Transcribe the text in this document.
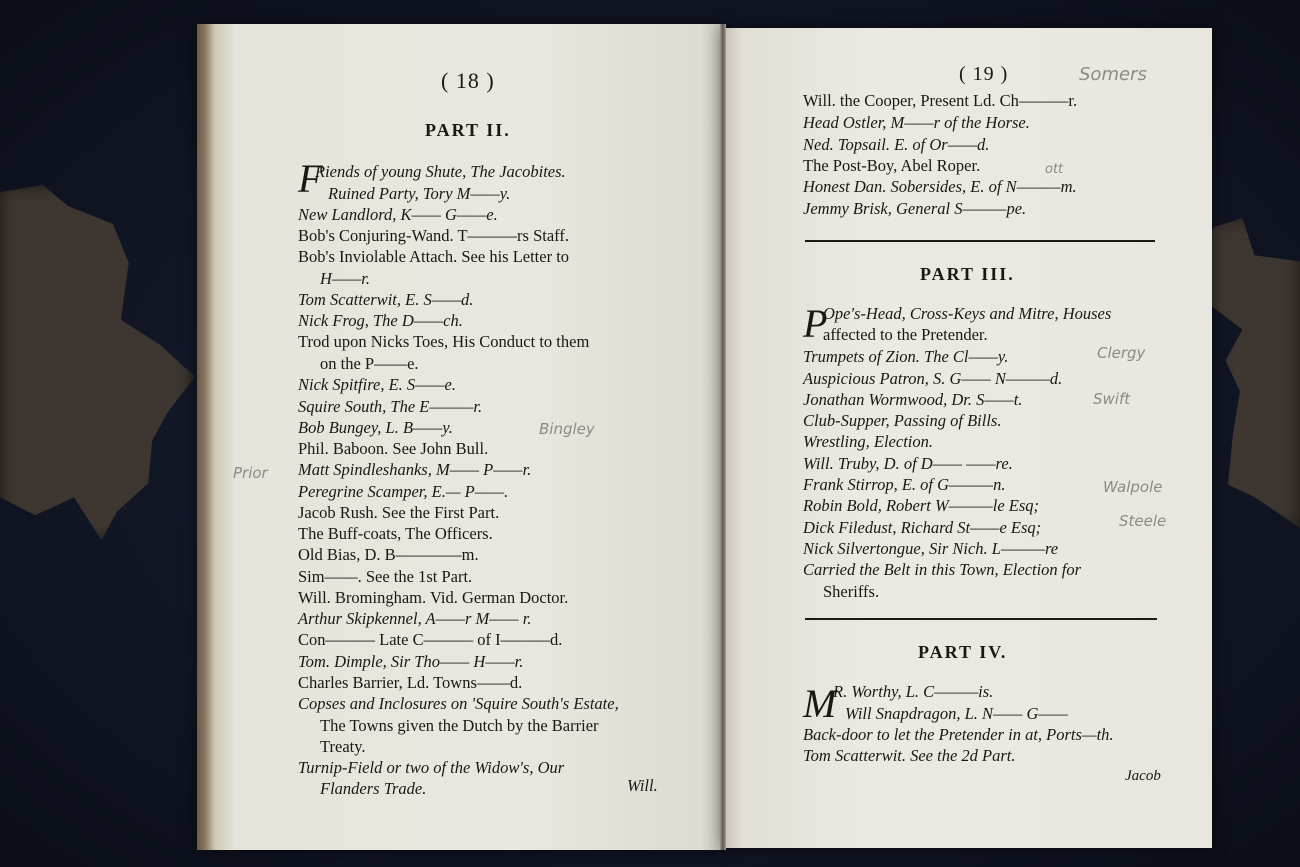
( 18 )
PART II.
F
Riends of young Shute, The Jacobites.
Ruined Party, Tory M——y.
New Landlord, K—— G——e.
Bob's Conjuring-Wand. T———rs Staff.
Bob's Inviolable Attach. See his Letter to
H——r.
Tom Scatterwit, E. S——d.
Nick Frog, The D——ch.
Trod upon Nicks Toes, His Conduct to them
on the P——e.
Nick Spitfire, E. S——e.
Squire South, The E———r.
Bob Bungey, L. B——y.
Phil. Baboon. See John Bull.
Matt Spindleshanks, M—— P——r.
Peregrine Scamper, E.— P——.
Jacob Rush. See the First Part.
The Buff-coats, The Officers.
Old Bias, D. B————m.
Sim——. See the 1st Part.
Will. Bromingham. Vid. German Doctor.
Arthur Skipkennel, A——r M—— r.
Con——— Late C——— of I———d.
Tom. Dimple, Sir Tho—— H——r.
Charles Barrier, Ld. Towns——d.
Copses and Inclosures on 'Squire South's Estate,
The Towns given the Dutch by the Barrier
Treaty.
Turnip-Field or two of the Widow's, Our
Flanders Trade.	Will.
Bingley
Prior
( 19 )	Somers
Will. the Cooper, Present Ld. Ch———r.
Head Ostler, M——r of the Horse.
Ned. Topsail. E. of Or——d.
The Post-Boy, Abel Roper.
Honest Dan. Sobersides, E. of N———m.
Jemmy Brisk, General S———pe.
ott
PART III.
P
Ope's-Head, Cross-Keys and Mitre, Houses
affected to the Pretender.
Trumpets of Zion. The Cl——y.
Auspicious Patron, S. G—— N———d.
Jonathan Wormwood, Dr. S——t.
Club-Supper, Passing of Bills.
Wrestling, Election.
Will. Truby, D. of D—— ——re.
Frank Stirrop, E. of G———n.
Robin Bold, Robert W———le Esq;
Dick Filedust, Richard St——e Esq;
Nick Silvertongue, Sir Nich. L———re
Carried the Belt in this Town, Election for
Sheriffs.
Clergy
Swift
Walpole
Steele
PART IV.
M
R. Worthy, L. C———is.
Will Snapdragon, L. N—— G——
Back-door to let the Pretender in at, Ports—th.
Tom Scatterwit. See the 2d Part.
Jacob
